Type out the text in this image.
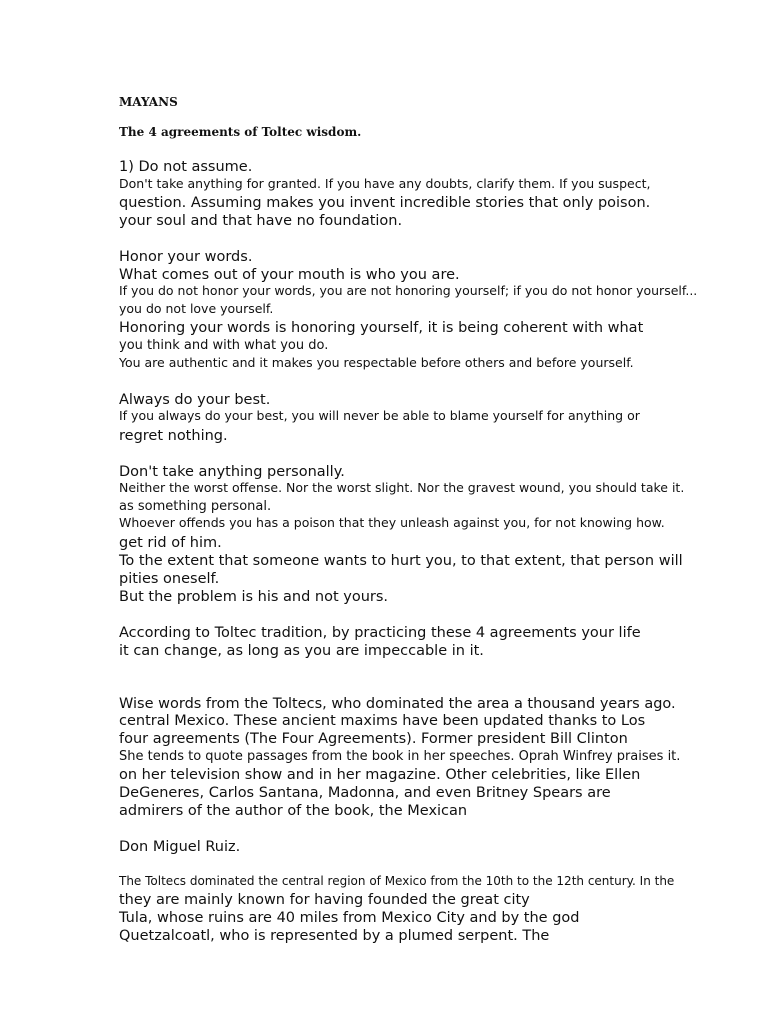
MAYANS

The 4 agreements of Toltec wisdom.

1) Do not assume.

Don't take anything for granted. If you have any doubts, clarify them. If you suspect,

question. Assuming makes you invent incredible stories that only poison.

your soul and that have no foundation.

Honor your words.

What comes out of your mouth is who you are.

If you do not honor your words, you are not honoring yourself; if you do not honor yourself...

you do not love yourself.

Honoring your words is honoring yourself, it is being coherent with what

you think and with what you do.

You are authentic and it makes you respectable before others and before yourself.

Always do your best.

If you always do your best, you will never be able to blame yourself for anything or

regret nothing.

Don't take anything personally.

Neither the worst offense. Nor the worst slight. Nor the gravest wound, you should take it.

as something personal.

Whoever offends you has a poison that they unleash against you, for not knowing how.

get rid of him.

To the extent that someone wants to hurt you, to that extent, that person will

pities oneself.

But the problem is his and not yours.

According to Toltec tradition, by practicing these 4 agreements your life

it can change, as long as you are impeccable in it.

Wise words from the Toltecs, who dominated the area a thousand years ago.

central Mexico. These ancient maxims have been updated thanks to Los

four agreements (The Four Agreements). Former president Bill Clinton

She tends to quote passages from the book in her speeches. Oprah Winfrey praises it.

on her television show and in her magazine. Other celebrities, like Ellen

DeGeneres, Carlos Santana, Madonna, and even Britney Spears are

admirers of the author of the book, the Mexican

Don Miguel Ruiz.

The Toltecs dominated the central region of Mexico from the 10th to the 12th century. In the

they are mainly known for having founded the great city

Tula, whose ruins are 40 miles from Mexico City and by the god

Quetzalcoatl, who is represented by a plumed serpent. The
